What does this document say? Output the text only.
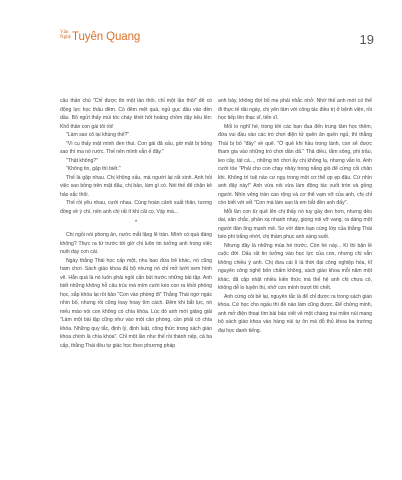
Văn Nghệ Tuyên Quang	19

câu thần chú "Chỉ được thi một lần thôi, chỉ một lần thôi" để có động lực học thâu đêm. Có đêm mệt quá, ngủ gục đầu vào đèn dầu. Bố ngửi thấy mùi tóc cháy khét hốt hoảng chồm dậy kêu lên: Khổ thân con gái tôi rồi!

"Làm sao cô lại khùng thế?"

"Vì cụ thấy mặt mình đen thui. Con gái đã xấu, giờ mặt bị bỏng sao thì ma nó rước. Thế nên mình vẫn ế đây."

"Thật không?"

"Không tin, gặp thì biết."

Thế là gặp nhau. Chị không xấu, mà người lại rất xinh. Anh hỏi việc sao bỏng trên mặt đâu, chị bảo, làm gì có. Nói thế để chặn kẻ hảo sắc thôi.

Thế rồi yêu nhau, cưới nhau. Cùng hoàn cảnh xuất thân, tương đồng về ý chí, nên anh chị rất ít khi cãi cọ. Vậy mà...

*

Chị ngồi nói phong ân, nước mắt lặng lẽ tràn. Mình có quá đáng không? Thực ra từ trước tới giờ chị luôn tin tưởng anh trong việc nuôi dạy con cái.

Ngày thằng Thái học cấp một, nhu bao đứa trẻ khác, nó cũng ham chơi. Sách giáo khoa đủ bộ nhưng nó chỉ mở lướt xem hình vẽ. Hẳn quá là nó luôn phải ngồi cẩn bút trước những bài tập. Anh biết những không hỗ câu trúc mà mìm cười kéo con ra khỏi phòng học, sắp khóa lại rồi bảo "Con vào phòng đi" Thằng Thái ngơ ngác nhìn bố, nhưng rồi cũng loay hoay tìm cách. Đêm khi bắt lực, nó mếu máo nói con không có chìa khóa. Lúc đó anh mới giảng giải "Làm một bài tập cũng như vào một căn phòng, cần phải có chìa khóa. Những quy tắc, định lý, định luật, công thức trong sách giáo khoa chính là chìa khóa". Chỉ một lần như thế rồi thành nếp, cả ba cấp, thằng Thái đều tự giác học theo phương pháp

anh bảy, không đợi bố mẹ phải nhắc nhở. Nhớ thế anh mới có thể đi thực tế dài ngày, chị yên tâm với công tác điều trị ở bệnh viện, rồi học tiếp lên thạc sĩ, tiến sĩ.

Mối lo nghĩ hè, trong khi các bạn đua đến trung tâm học thêm, đứa vui đầu vào các trò chơi điện tử quên ăn quên ngủ, thì thằng Thái bị bố "đày" về quê. "Ở quê khi hầu trong lành, con sẽ được tham gia vào những trò chơi dân dã." Thả diều, tắm sông, phi trâu, leo cây, tát cá..., những trò chơi ấy chị không lạ, nhưng vẫn lo. Anh cười tóe "Phải cho con chạy nhảy trong nắng gió để cứng cỏi chân khi. Không trì tuệ nào cư ngụ trong một cơ thể ọp ẹp đâu. Cứ nhìn anh đây này!" Anh vừa nói vừa làm động tác vuốt tròn và gồng người. Nhìn vẻng trán cao rộng và cơ thể vạm vỡ của anh, chị chỉ còn biết với vết "Con mà làm sao là em bắt đền anh đấy".

Mỗi lần con từ quê lên chị thấy nó tuy gầy đen hơn, nhưng dẻo dai, săn chắc, phản xạ nhanh nhạy, giọng nói vỡ vang, ra dáng một người đàn ông mạnh mẽ. So với đám bạn cùng lớp của thằng Thái béo phì trắng nhớt, chị thầm phục anh sáng suốt.

Nhưng đây là những mùa hè trước. Còn hè này... Kì thi bận lề cuộc đời. Dấu rất tin tưởng vào học lực của con, nhưng chị vẫn không chiều ý anh. Chị đưa cái lí là thời đại công nghiệp hóa, kĩ nguyên công nghệ bốn chấm không, sách giáo khoa mỗi năm một khác, đã cập nhật nhiều kiến thức mà thế hệ anh chị chưa có, không dễ lo luyện thi, nhỡ con mình trượt thì chết.

Anh cứng cỏi bề lại, nguyên tắc là để chỉ được ra trong sách giáo khoa. Cứ học cho ngấu thì đề nào làm cũng được. Để chứng minh, anh mở điện thoại tìm bài báo viết về một chàng trai miền núi mang bộ sách giáo khoa vào hàng núi tự ôn mà đỗ thủ khoa ba trường đại học danh tiếng.
